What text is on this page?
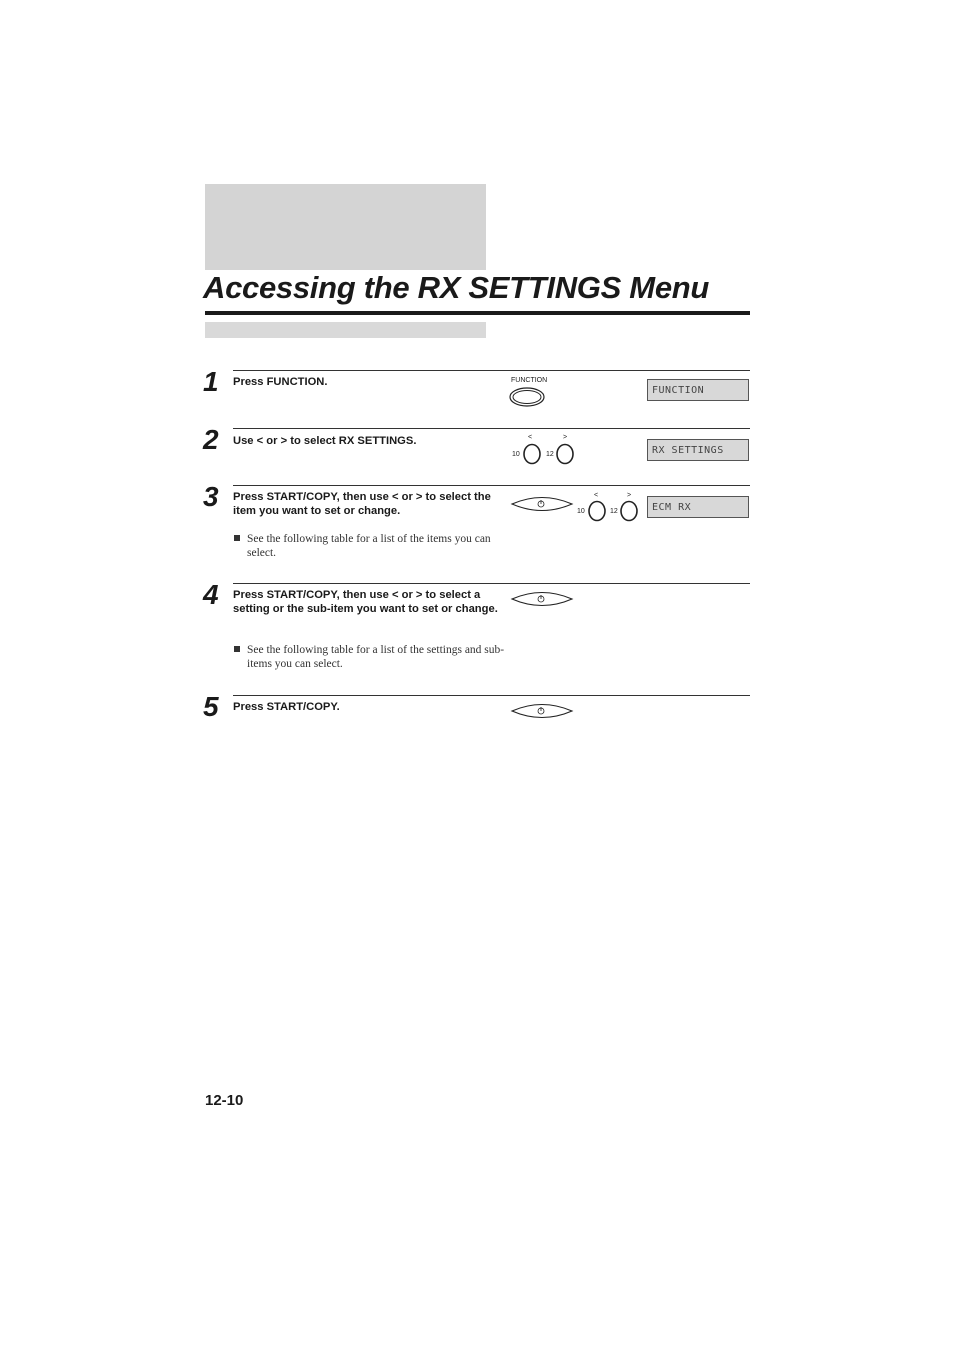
Accessing the RX SETTINGS Menu
1 Press FUNCTION.	FUNCTION
FUNCTION
2 Use < or > to select RX SETTINGS.	<	>
10	12	RX SETTINGS
3 Press START/COPY, then use < or > to select the item you want to set or change.
See the following table for a list of the items you can select.
<	>
10	12	ECM RX
4 Press START/COPY, then use < or > to select a setting or the sub-item you want to set or change.
See the following table for a list of the settings and sub-items you can select.
5 Press START/COPY.
12-10
